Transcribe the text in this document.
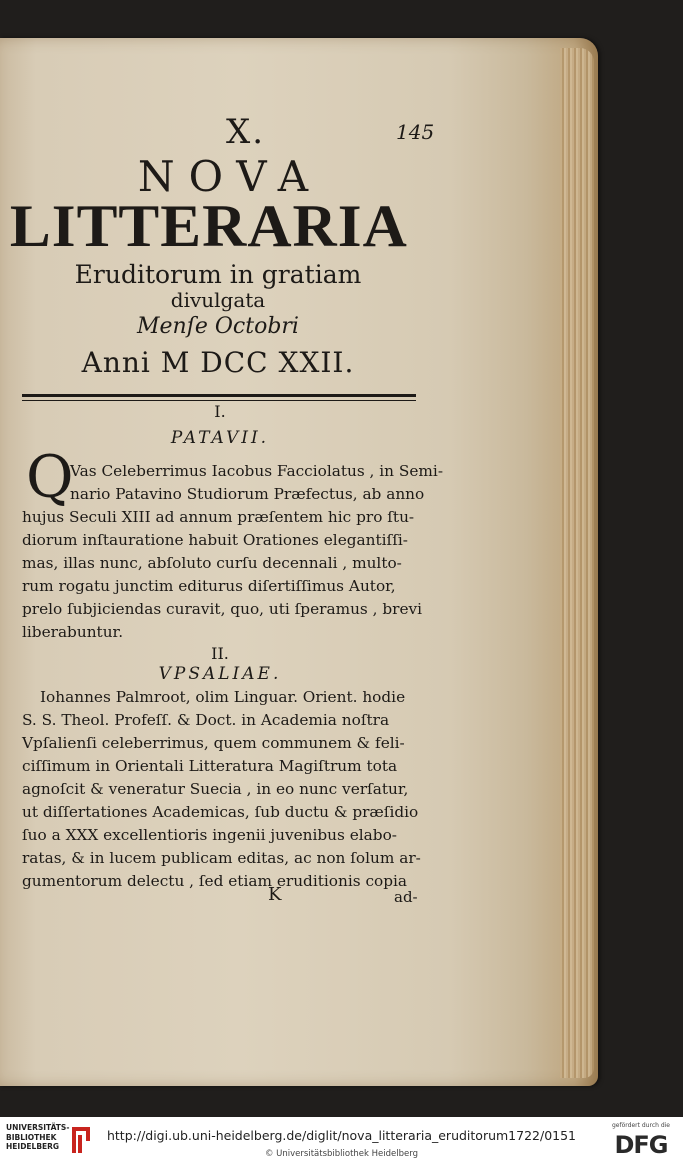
X.	145
NOVA
LITTERARIA
Eruditorum in gratiam
divulgata
Menſe Octobri
Anni M DCC XXII.
I.
PATAVII.
Q
Vas Celeberrimus Iacobus Facciolatus , in Semi-
nario Patavino Studiorum Præfectus, ab anno
hujus Seculi XIII ad annum præſentem hic pro ſtu-
diorum inſtauratione habuit Orationes elegantiſſi-
mas, illas nunc, abſoluto curſu decennali , multo-
rum rogatu junctim editurus diſertiſſimus Autor,
prelo ſubjiciendas curavit, quo, uti ſperamus , brevi
liberabuntur.
II.
VPSALIAE.
Iohannes Palmroot, olim Linguar. Orient. hodie
S. S. Theol. Profeſſ. & Doct. in Academia noſtra
Vpſalienſi celeberrimus, quem communem & feli-
ciſſimum in Orientali Litteratura Magiſtrum tota
agnoſcit & veneratur Suecia , in eo nunc verſatur,
ut diſſertationes Academicas, ſub ductu & præſidio
ſuo a XXX excellentioris ingenii juvenibus elabo-
ratas, & in lucem publicam editas, ac non ſolum ar-
gumentorum delectu , ſed etiam eruditionis copia
K	ad-
UNIVERSITÄTS-
BIBLIOTHEK
HEIDELBERG
http://digi.ub.uni-heidelberg.de/diglit/nova_litteraria_eruditorum1722/0151
© Universitätsbibliothek Heidelberg
gefördert durch die
DFG
